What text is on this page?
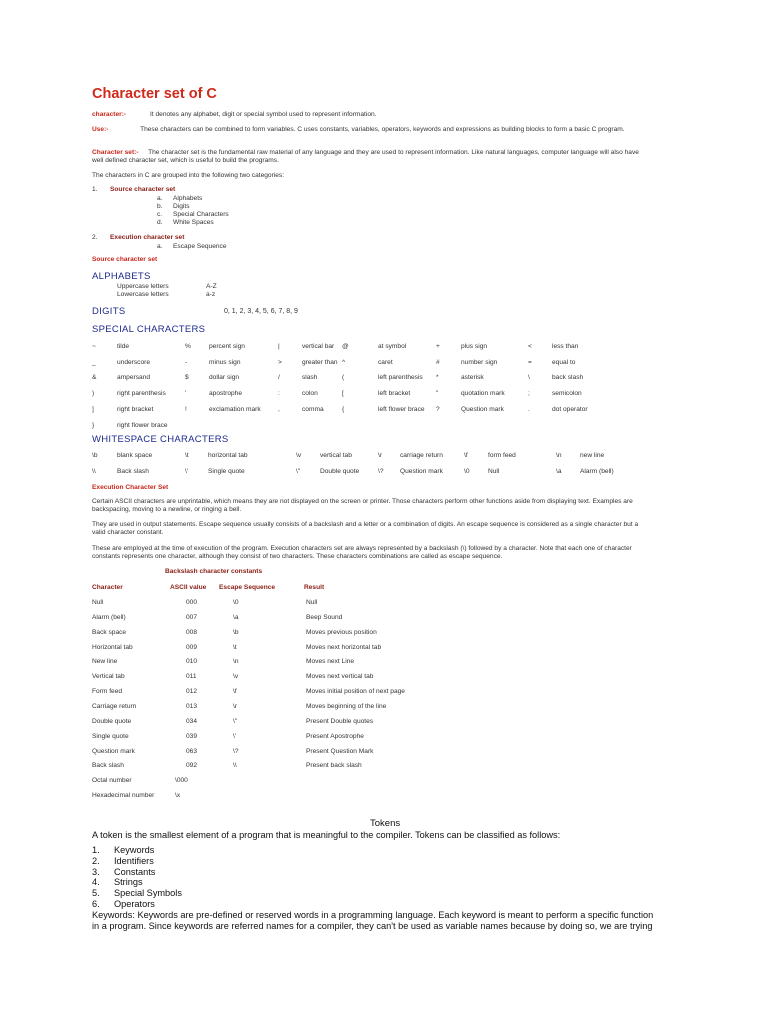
Character set of C
character:-	It denotes any alphabet, digit or special symbol used to represent information.
Use:-	These characters can be combined to form variables. C uses constants, variables, operators, keywords and expressions as building blocks to form a basic C program.
Character set:- The character set is the fundamental raw material of any language and they are used to represent information. Like natural languages, computer language will also have well defined character set, which is useful to build the programs.
The characters in C are grouped into the following two categories:
1. Source character set
a. Alphabets
b. Digits
c. Special Characters
d. White Spaces
2. Execution character set
a. Escape Sequence
Source character set
ALPHABETS
Uppercase letters	A-Z
Lowercase letters	a-z
DIGITS	0, 1, 2, 3, 4, 5, 6, 7, 8, 9
SPECIAL CHARACTERS
~	tilde	%	percent sign	|	vertical bar @	at symbol	+	plus sign	<	less than
_	underscore	-	minus sign	>	greater than ^	caret	#	number sign	=	equal to
&	ampersand	$	dollar sign	/	slash	(	left parenthesis *	asterisk	\	back slash
)	right parenthesis	'	apostrophe	:	colon	[	left bracket	"	quotation mark	;	semicolon
]	right bracket	!	exclamation mark	,	comma	{	left flower brace ?	Question mark	.	dot operator
}	right flower brace
WHITESPACE CHARACTERS
\b	blank space	\t	horizontal tab	\v	vertical tab	\r	carriage return	\f	form feed	\n	new line
\\	Back slash	\'	Single quote	\"	Double quote	\?	Question mark	\0	Null	\a	Alarm (bell)
Execution Character Set
Certain ASCII characters are unprintable, which means they are not displayed on the screen or printer. Those characters perform other functions aside from displaying text. Examples are backspacing, moving to a newline, or ringing a bell.
They are used in output statements. Escape sequence usually consists of a backslash and a letter or a combination of digits. An escape sequence is considered as a single character but a valid character constant.
These are employed at the time of execution of the program. Execution characters set are always represented by a backslash (\) followed by a character. Note that each one of character constants represents one character, although they consist of two characters. These characters combinations are called as escape sequence.
Backslash character constants
Character	ASCII value Escape Sequence	Result
Null	000	\0	Null
Alarm (bell)	007	\a	Beep Sound
Back space	008	\b	Moves previous position
Horizontal tab	009	\t	Moves next horizontal tab
New line	010	\n	Moves next Line
Vertical tab	011	\v	Moves next vertical tab
Form feed	012	\f	Moves initial position of next page
Carriage return	013	\r	Moves beginning of the line
Double quote	034	\"	Present Double quotes
Single quote	039	\'	Present Apostrophe
Question mark	063	\?	Present Question Mark
Back slash	092	\\	Present back slash
Octal number	\000
Hexadecimal number	\x
Tokens
A token is the smallest element of a program that is meaningful to the compiler. Tokens can be classified as follows:
1. Keywords
2. Identifiers
3. Constants
4. Strings
5. Special Symbols
6. Operators
Keywords: Keywords are pre-defined or reserved words in a programming language. Each keyword is meant to perform a specific function
in a program. Since keywords are referred names for a compiler, they can't be used as variable names because by doing so, we are trying
